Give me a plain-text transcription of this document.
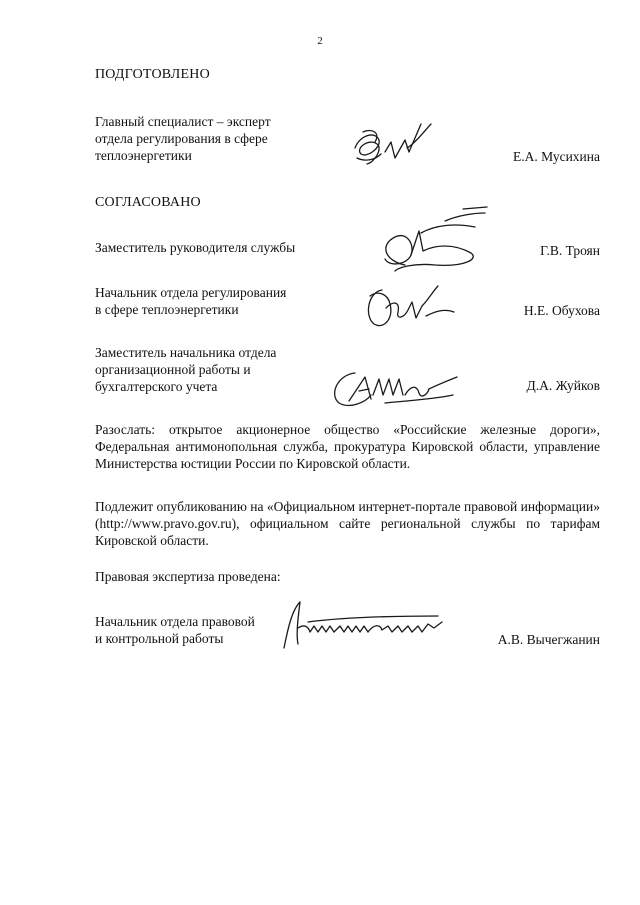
2
ПОДГОТОВЛЕНО
Главный специалист – эксперт
отдела регулирования в сфере
теплоэнергетики	Е.А. Мусихина
СОГЛАСОВАНО
Заместитель руководителя службы	Г.В. Троян
Начальник отдела регулирования
в сфере теплоэнергетики	Н.Е. Обухова
Заместитель начальника отдела
организационной работы и
бухгалтерского учета	Д.А. Жуйков
Разослать: открытое акционерное общество «Российские железные дороги», Федеральная антимонопольная служба, прокуратура Кировской области, управление Министерства юстиции России по Кировской области.
Подлежит опубликованию на «Официальном интернет-портале правовой информации» (http://www.pravo.gov.ru), официальном сайте региональной службы по тарифам Кировской области.
Правовая экспертиза проведена:
Начальник отдела правовой
и контрольной работы	А.В. Вычегжанин
